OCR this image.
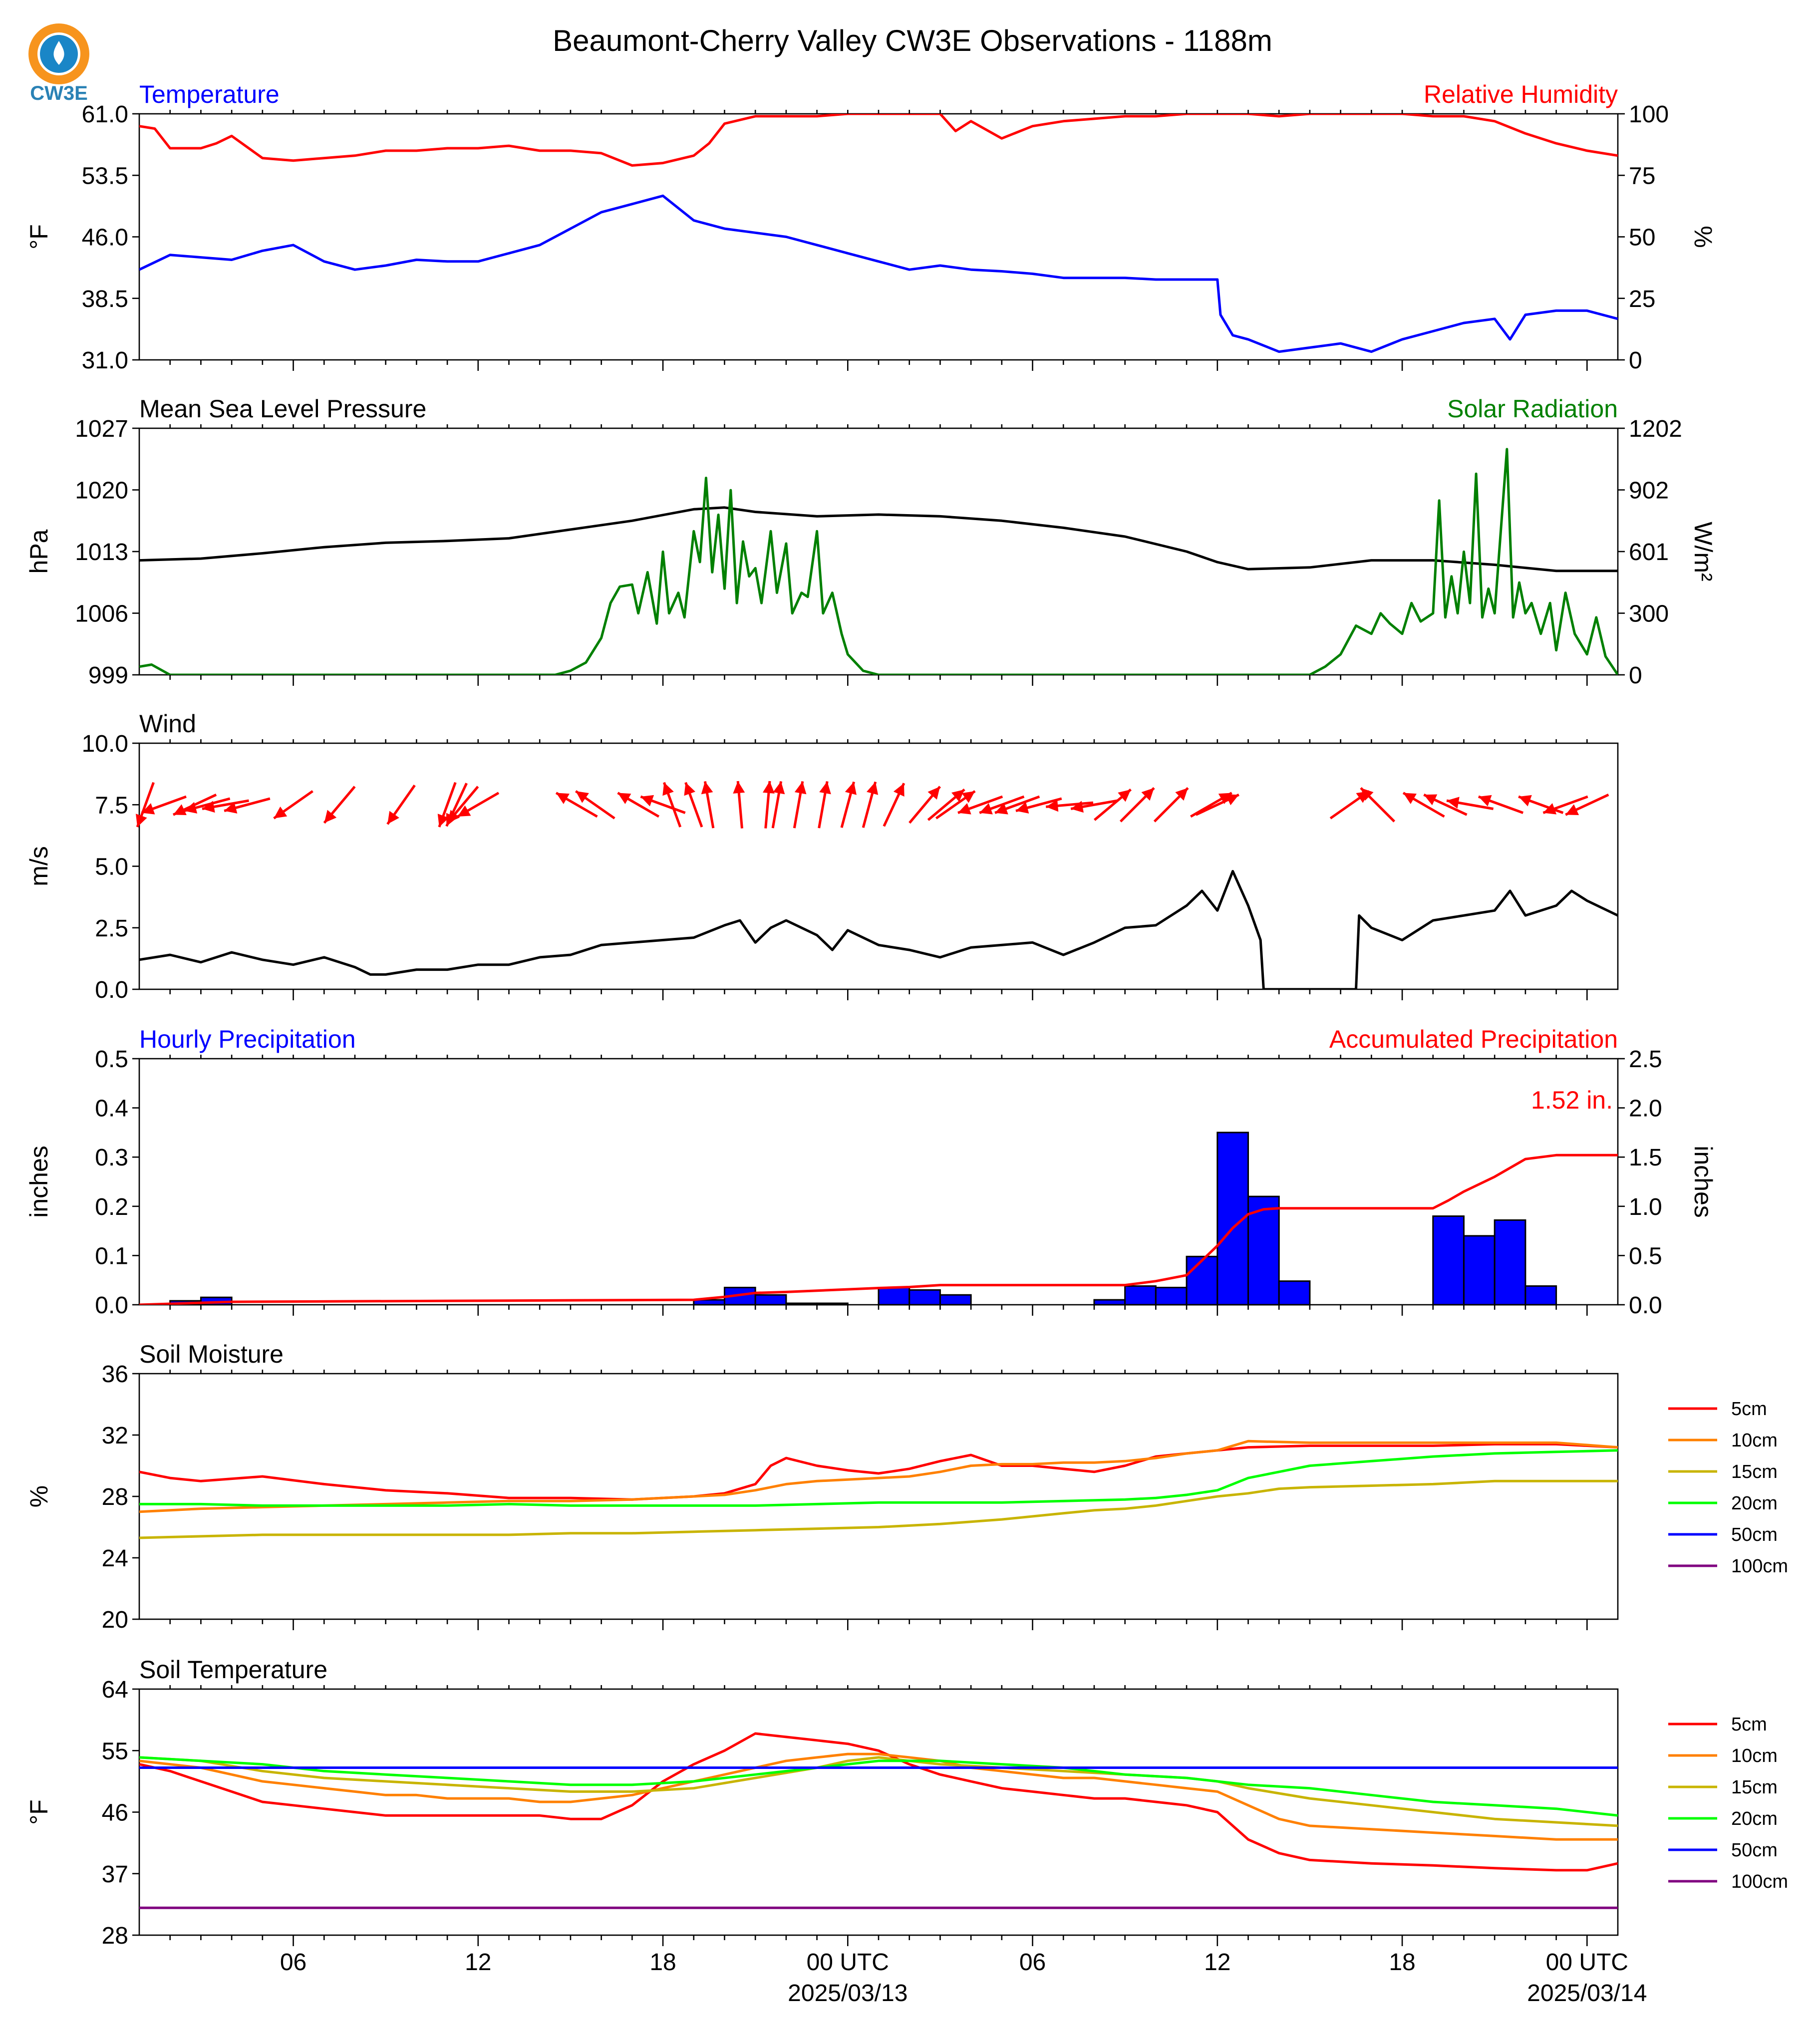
CW3E
Beaumont-Cherry Valley CW3E Observations - 1188m
Temperature	Relative Humidity
61.0
53.5
46.0
38.5
31.0
100
75
50
25
0
°F	%
Mean Sea Level Pressure	Solar Radiation
1027
1020
1013
1006
999
1202
902
601
300
0
hPa	W/m²
Wind
10.0
7.5
5.0
2.5
0.0
m/s
Hourly Precipitation	Accumulated Precipitation
0.5
0.4
0.3
0.2
0.1
0.0
2.5
2.0
1.5
1.0
0.5
0.0
inches	inches
1.52 in.
Soil Moisture
36
32
28
24
20
%
5cm
10cm
15cm
20cm
50cm
100cm
Soil Temperature
64
55
46
37
28
°F
5cm
10cm
15cm
20cm
50cm
100cm
06	12	18	00 UTC	06	12	18	00 UTC
2025/03/13	2025/03/14
